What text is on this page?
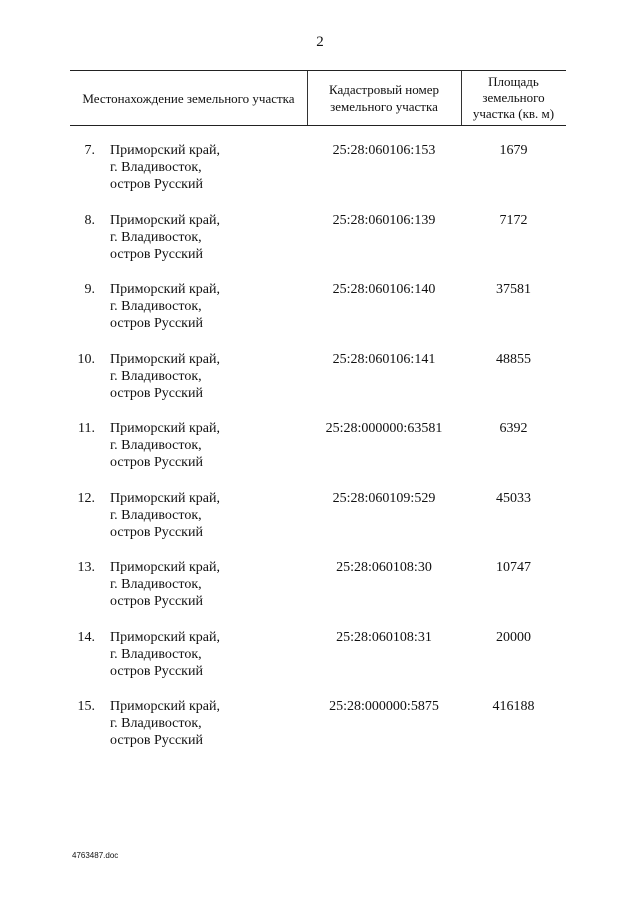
2
Местонахождение земельного участка
Кадастровый номер земельного участка
Площадь земельного участка (кв. м)
7. Приморский край,
г. Владивосток,
остров Русский
25:28:060106:153	1679
8. Приморский край,
г. Владивосток,
остров Русский
25:28:060106:139	7172
9. Приморский край,
г. Владивосток,
остров Русский
25:28:060106:140	37581
10. Приморский край,
г. Владивосток,
остров Русский
25:28:060106:141	48855
11. Приморский край,
г. Владивосток,
остров Русский
25:28:000000:63581	6392
12. Приморский край,
г. Владивосток,
остров Русский
25:28:060109:529	45033
13. Приморский край,
г. Владивосток,
остров Русский
25:28:060108:30	10747
14. Приморский край,
г. Владивосток,
остров Русский
25:28:060108:31	20000
15. Приморский край,
г. Владивосток,
остров Русский
25:28:000000:5875	416188
4763487.doc
